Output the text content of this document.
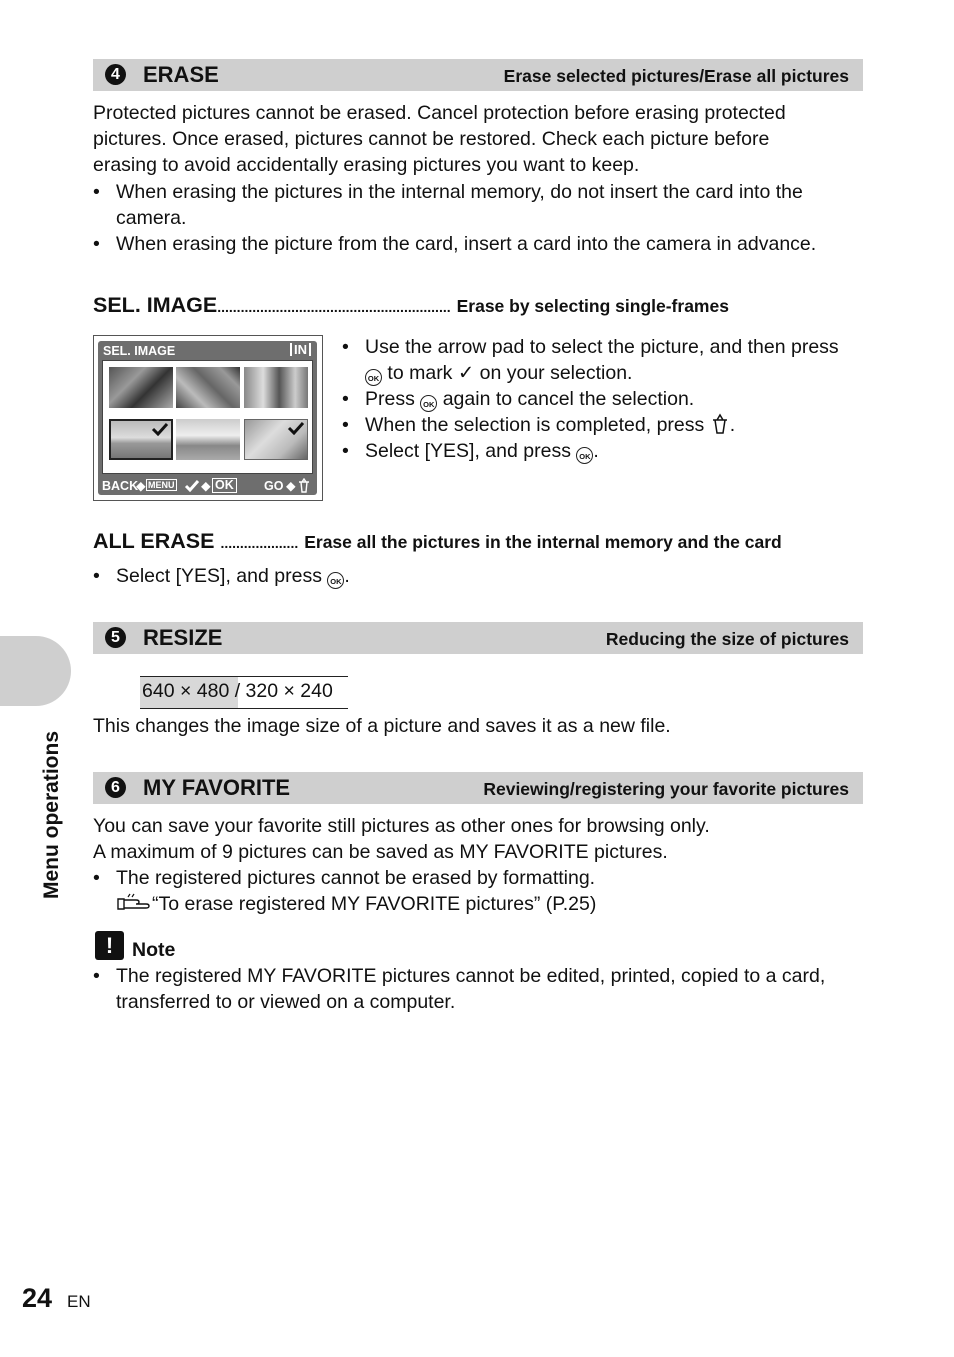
Menu operations
4 ERASE	Erase selected pictures/Erase all pictures
Protected pictures cannot be erased. Cancel protection before erasing protected
pictures. Once erased, pictures cannot be restored. Check each picture before
erasing to avoid accidentally erasing pictures you want to keep.
• When erasing the pictures in the internal memory, do not insert the card into the
camera.
• When erasing the picture from the card, insert a card into the camera in advance.
SEL. IMAGE............................................................ Erase by selecting single-frames
SEL. IMAGE	IN
BACK
◆ MENU ◆ OK GO ◆
• Use the arrow pad to select the picture, and then press
OK to mark ✓ on your selection.
• Press OK again to cancel the selection.
• When the selection is completed, press .
• Select [YES], and press OK .
ALL ERASE .................... Erase all the pictures in the internal memory and the card
• Select [YES], and press OK .
5 RESIZE	Reducing the size of pictures
640 × 480 / 320 × 240
This changes the image size of a picture and saves it as a new file.
6 MY FAVORITE	Reviewing/registering your favorite pictures
You can save your favorite still pictures as other ones for browsing only.
A maximum of 9 pictures can be saved as MY FAVORITE pictures.
• The registered pictures cannot be erased by formatting.
“To erase registered MY FAVORITE pictures” (P.25)
! Note
• The registered MY FAVORITE pictures cannot be edited, printed, copied to a card,
transferred to or viewed on a computer.
24 EN
